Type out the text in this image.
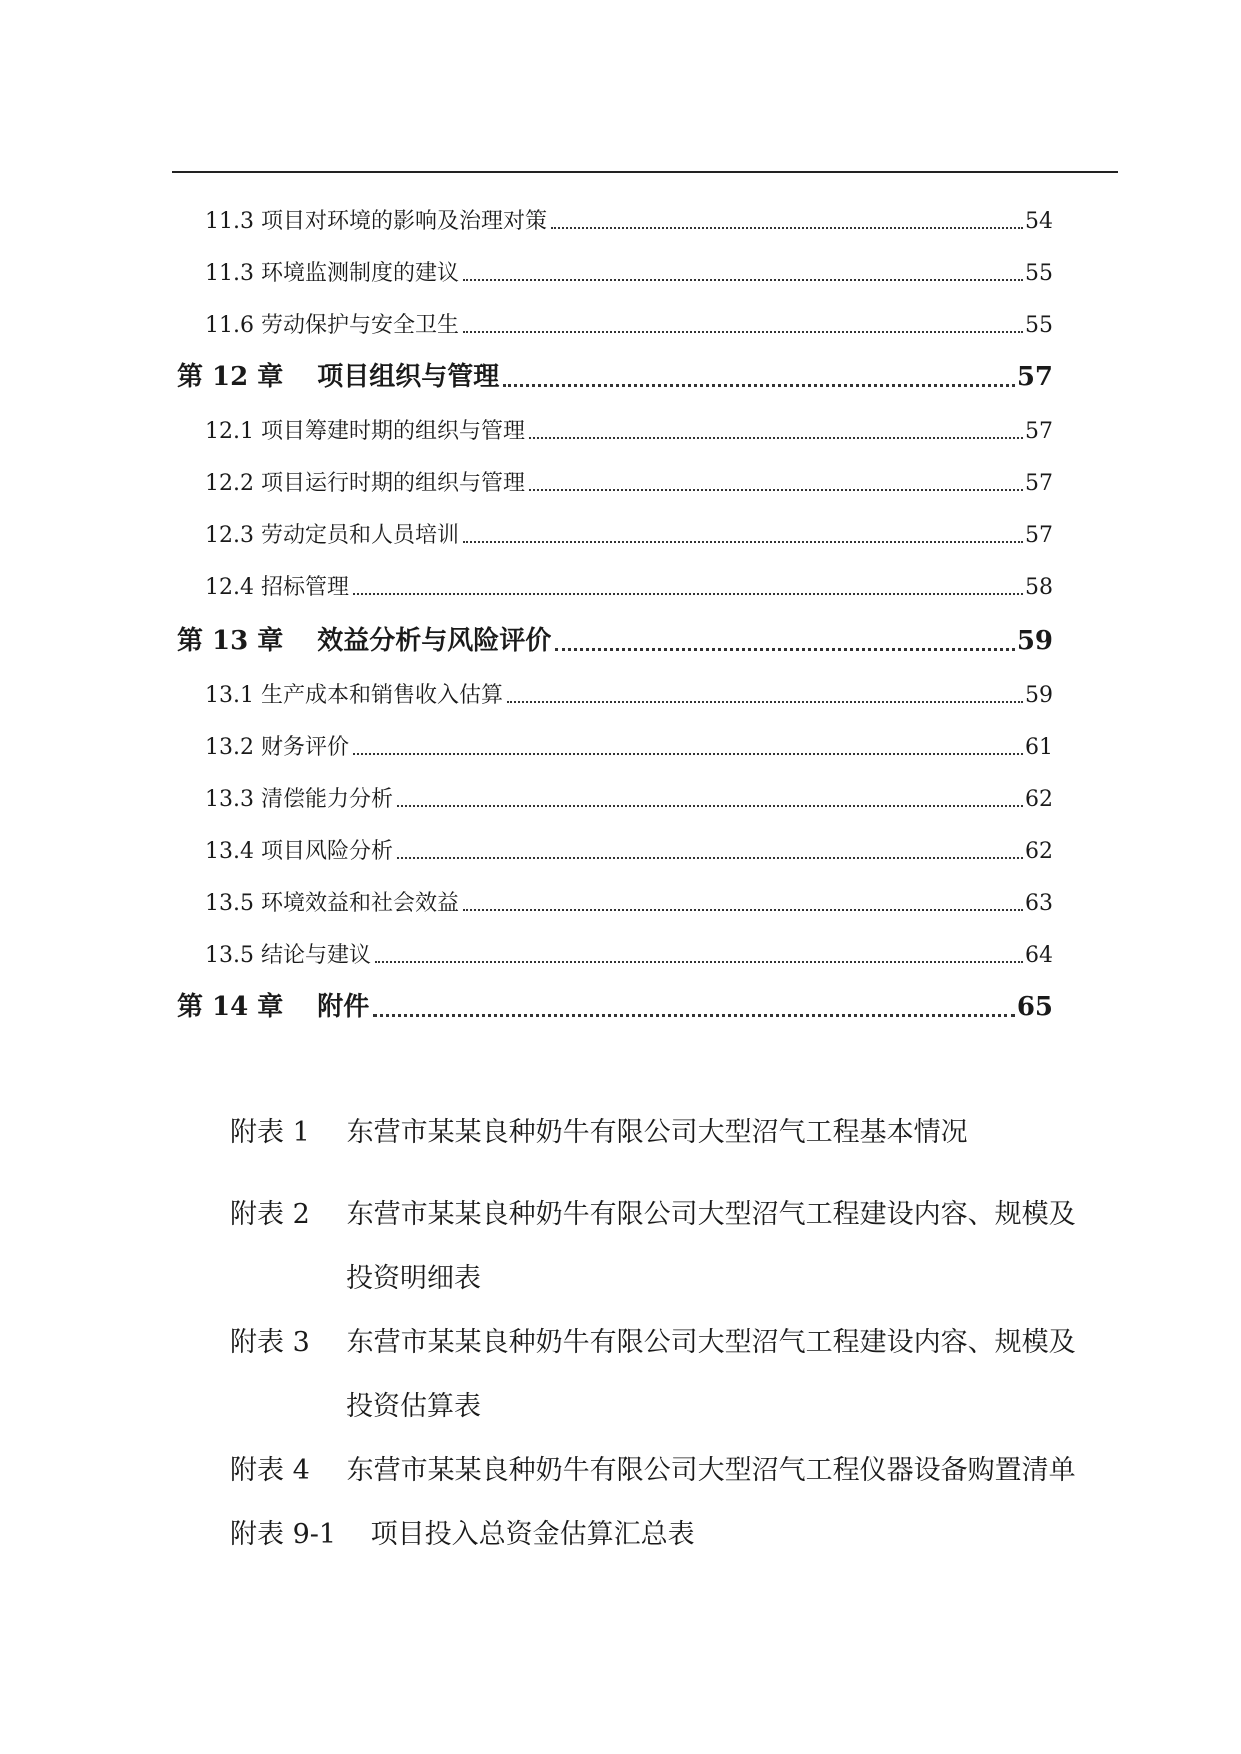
11.3 项目对环境的影响及治理对策	54
11.3 环境监测制度的建议	55
11.6 劳动保护与安全卫生	55
第 12 章 项目组织与管理	57
12.1 项目筹建时期的组织与管理	57
12.2 项目运行时期的组织与管理	57
12.3 劳动定员和人员培训	57
12.4 招标管理	58
第 13 章 效益分析与风险评价	59
13.1 生产成本和销售收入估算	59
13.2 财务评价	61
13.3 清偿能力分析	62
13.4 项目风险分析	62
13.5 环境效益和社会效益	63
13.5 结论与建议	64
第 14 章 附件	65
附表 1 东营市某某良种奶牛有限公司大型沼气工程基本情况
附表 2 东营市某某良种奶牛有限公司大型沼气工程建设内容、规模及
投资明细表
附表 3 东营市某某良种奶牛有限公司大型沼气工程建设内容、规模及
投资估算表
附表 4 东营市某某良种奶牛有限公司大型沼气工程仪器设备购置清单
附表 9-1 项目投入总资金估算汇总表
